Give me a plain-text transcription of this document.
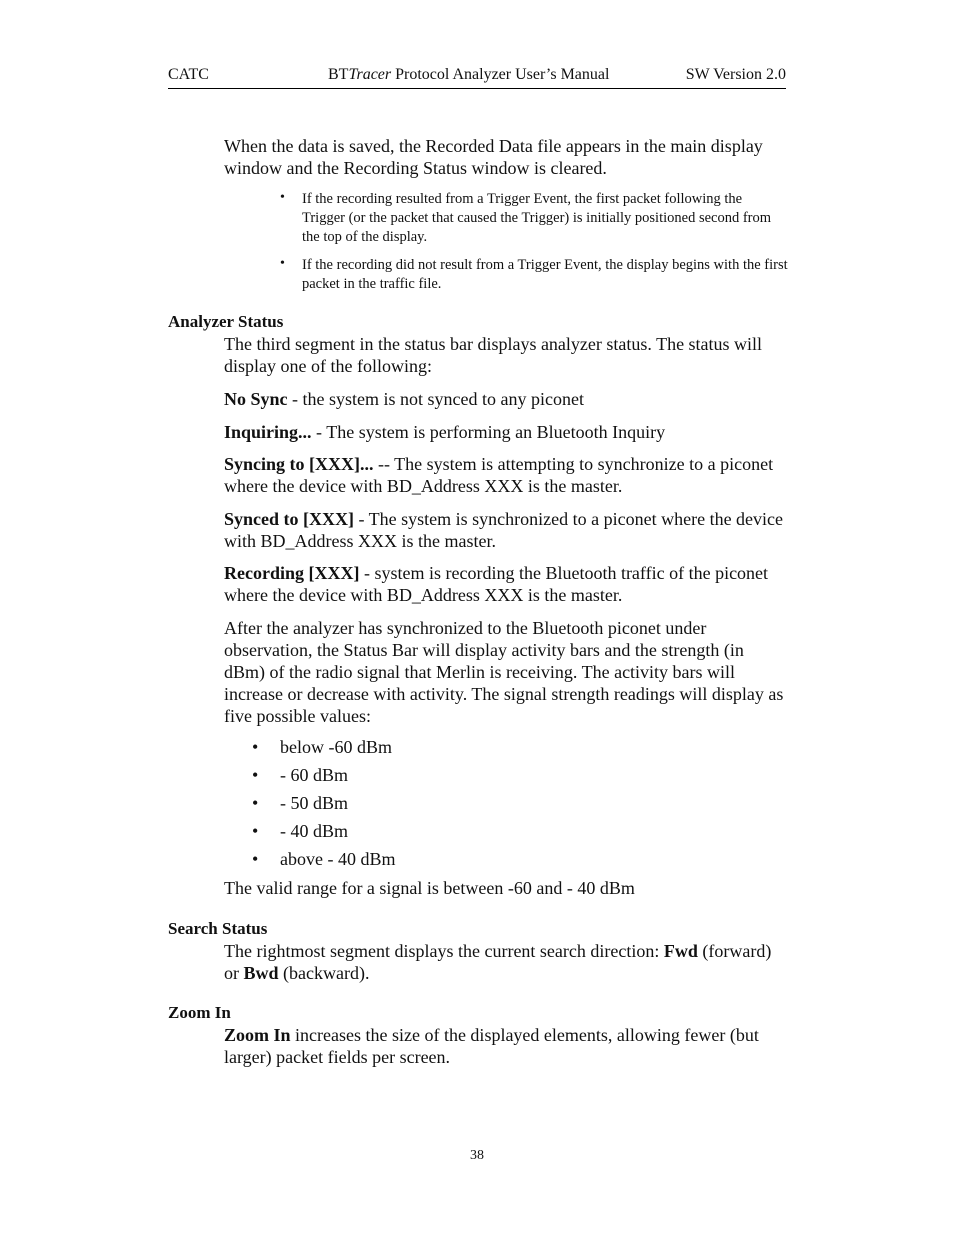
CATC	BTTracer Protocol Analyzer User’s Manual	SW Version 2.0
When the data is saved, the Recorded Data file appears in the main display window and the Recording Status window is cleared.
• If the recording resulted from a Trigger Event, the first packet following the Trigger (or the packet that caused the Trigger) is initially positioned second from the top of the display.
• If the recording did not result from a Trigger Event, the display begins with the first packet in the traffic file.
Analyzer Status
The third segment in the status bar displays analyzer status. The status will display one of the following:
No Sync - the system is not synced to any piconet
Inquiring... - The system is performing an Bluetooth Inquiry
Syncing to [XXX]... -- The system is attempting to synchronize to a piconet where the device with BD_Address XXX is the master.
Synced to [XXX] - The system is synchronized to a piconet where the device with BD_Address XXX is the master.
Recording [XXX] - system is recording the Bluetooth traffic of the piconet where the device with BD_Address XXX is the master.
After the analyzer has synchronized to the Bluetooth piconet under observation, the Status Bar will display activity bars and the strength (in dBm) of the radio signal that Merlin is receiving. The activity bars will increase or decrease with activity. The signal strength readings will display as five possible values:
• below -60 dBm
• - 60 dBm
• - 50 dBm
• - 40 dBm
• above - 40 dBm
The valid range for a signal is between -60 and - 40 dBm
Search Status
The rightmost segment displays the current search direction: Fwd (forward) or Bwd (backward).
Zoom In
Zoom In increases the size of the displayed elements, allowing fewer (but larger) packet fields per screen.
38
